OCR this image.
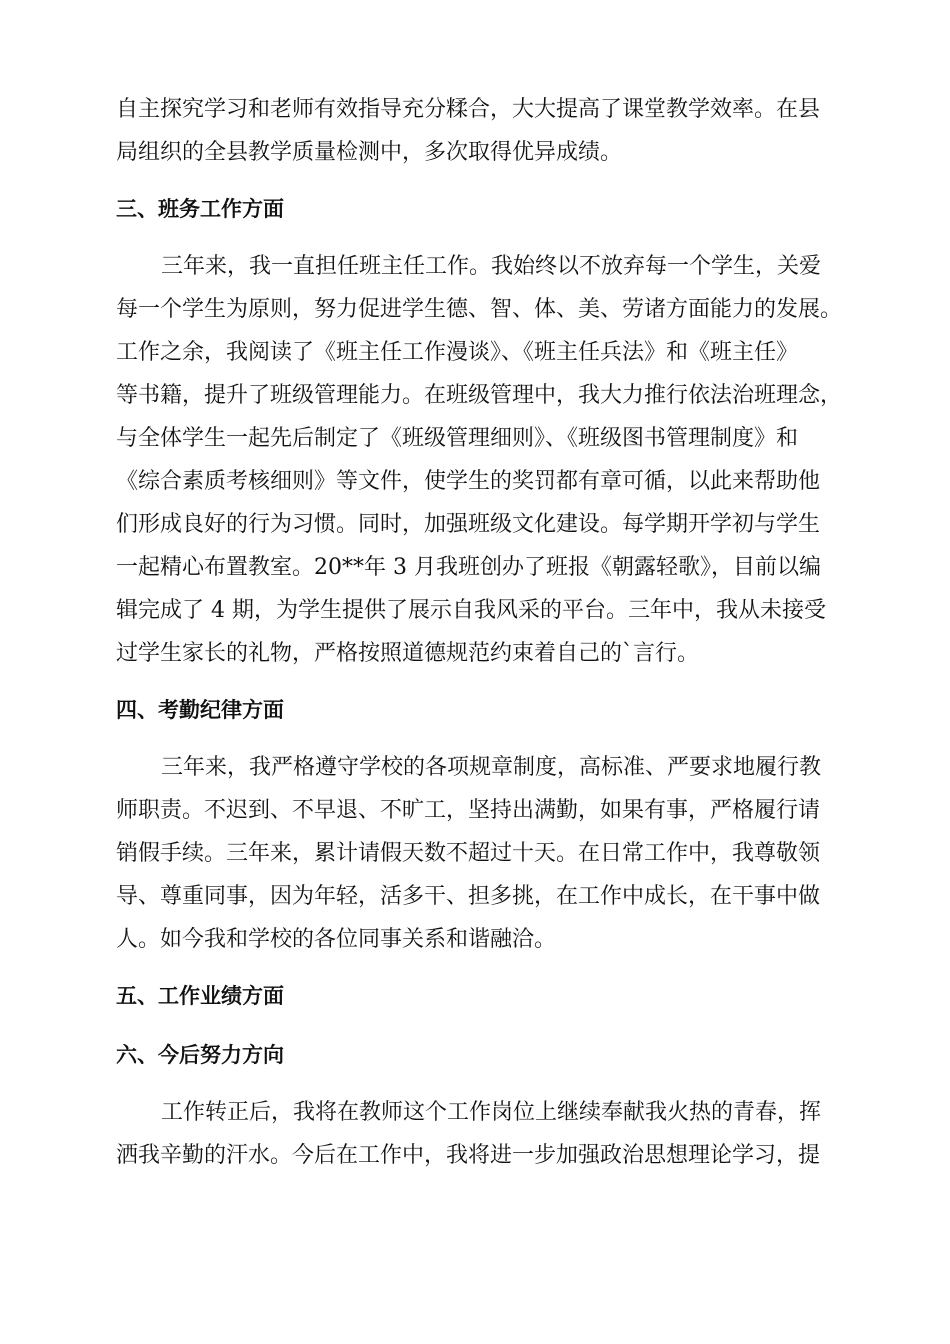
自主探究学习和老师有效指导充分糅合，大大提高了课堂教学效率。在县
局组织的全县教学质量检测中，多次取得优异成绩。

三、班务工作方面

三年来，我一直担任班主任工作。我始终以不放弃每一个学生，关爱
每一个学生为原则，努力促进学生德、智、体、美、劳诸方面能力的发展。
工作之余，我阅读了《班主任工作漫谈》、《班主任兵法》和《班主任》
等书籍，提升了班级管理能力。在班级管理中，我大力推行依法治班理念，
与全体学生一起先后制定了《班级管理细则》、《班级图书管理制度》和
《综合素质考核细则》等文件，使学生的奖罚都有章可循，以此来帮助他
们形成良好的行为习惯。同时，加强班级文化建设。每学期开学初与学生
一起精心布置教室。20**年 3 月我班创办了班报《朝露轻歌》，目前以编
辑完成了 4 期，为学生提供了展示自我风采的平台。三年中，我从未接受
过学生家长的礼物，严格按照道德规范约束着自己的`言行。

四、考勤纪律方面

三年来，我严格遵守学校的各项规章制度，高标准、严要求地履行教
师职责。不迟到、不早退、不旷工，坚持出满勤，如果有事，严格履行请
销假手续。三年来，累计请假天数不超过十天。在日常工作中，我尊敬领
导、尊重同事，因为年轻，活多干、担多挑，在工作中成长，在干事中做
人。如今我和学校的各位同事关系和谐融洽。

五、工作业绩方面
六、今后努力方向

工作转正后，我将在教师这个工作岗位上继续奉献我火热的青春，挥
洒我辛勤的汗水。今后在工作中，我将进一步加强政治思想理论学习，提
